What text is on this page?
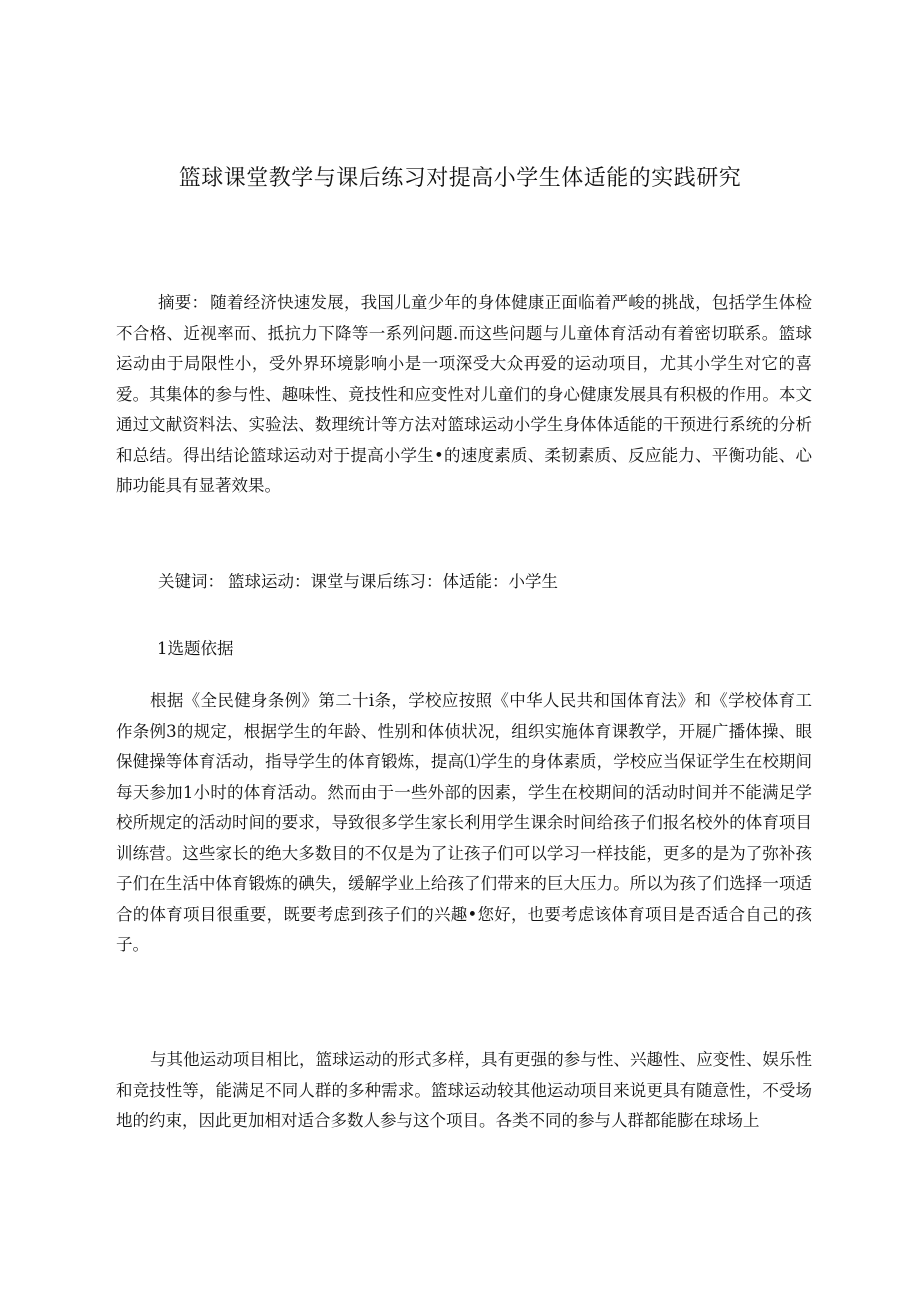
篮球课堂教学与课后练习对提高小学生体适能的实践研究
摘要： 随着经济快速发展，我国儿童少年的身体健康正面临着严峻的挑战，包括学生体检不合格、近视率而、抵抗力下降等一系列问题.而这些问题与儿童体育活动有着密切联系。篮球运动由于局限性小，受外界环境影响小是一项深受大众再爱的运动项目，尤其小学生对它的喜爱。其集体的参与性、趣味性、竟技性和应变性对儿童们的身心健康发展具有积极的作用。本文通过文献资料法、实验法、数理统计等方法对篮球运动小学生身体体适能的干预进行系统的分析和总结。得出结论篮球运动对于提高小学生•的速度素质、柔韧素质、反应能力、平衡功能、心肺功能具有显著效果。
关键词： 篮球运动：课堂与课后练习：体适能：小学生
1选题依据
根据《全民健身条例》第二十i条，学校应按照《中华人民共和国体育法》和《学校体育工作条例3的规定，根据学生的年龄、性别和体侦状况，组织实施体育课教学，开屣广播体操、眼保健操等体育活动，指导学生的体育锻炼，提高⑴学生的身体素质，学校应当保证学生在校期间每天参加1小时的体育活动。然而由于一些外部的因素，学生在校期间的活动时间并不能满足学校所规定的活动时间的要求，导致很多学生家长利用学生课余时间给孩子们报名校外的体育项目训练营。这些家长的绝大多数目的不仅是为了让孩子们可以学习一样技能，更多的是为了弥补孩子们在生活中体育锻炼的碘失，缓解学业上给孩了们带来的巨大压力。所以为孩了们选择一项适合的体育项目很重要，既要考虑到孩子们的兴趣•您好，也要考虑该体育项目是否适合自己的孩子。
与其他运动项目相比，篮球运动的形式多样，具有更强的参与性、兴趣性、应变性、娱乐性和竞技性等，能满足不同人群的多种需求。篮球运动较其他运动项目来说更具有随意性，不受场地的约束，因此更加相对适合多数人参与这个项目。各类不同的参与人群都能膨在球场上
